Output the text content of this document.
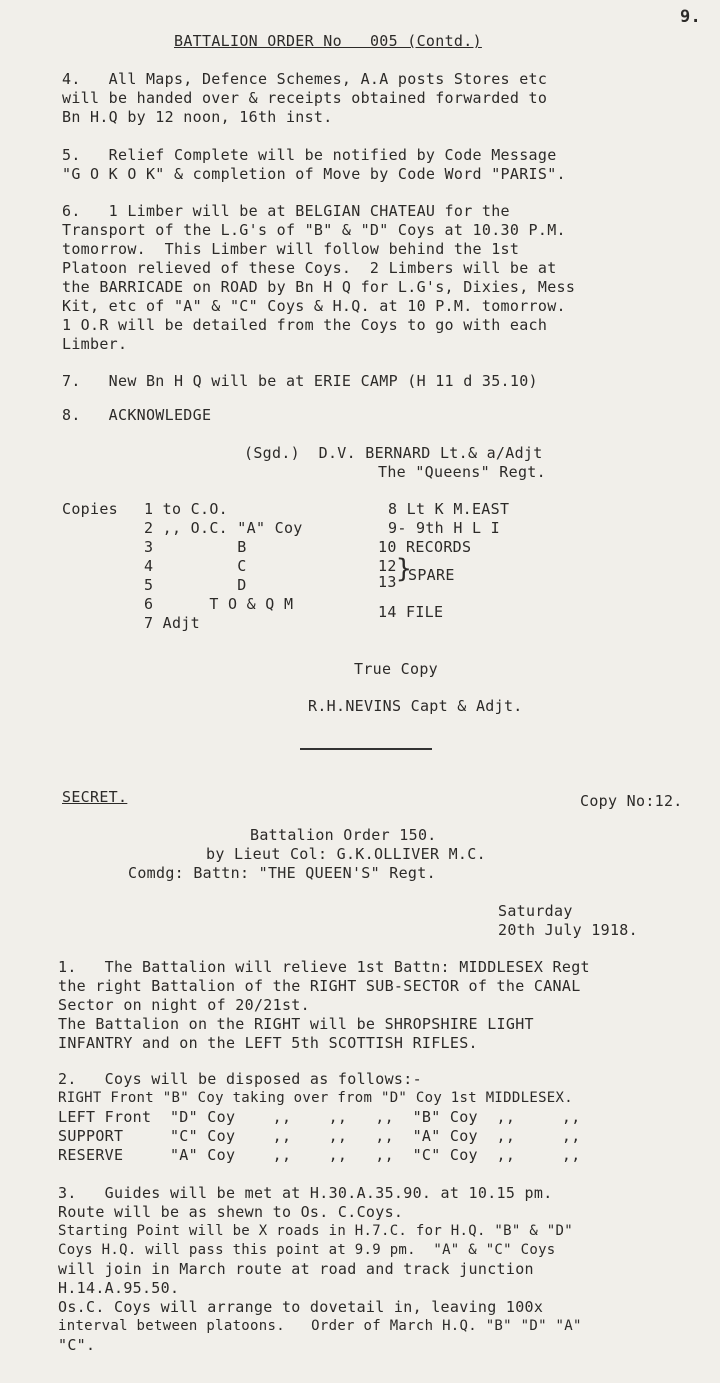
9.
BATTALION ORDER No   005 (Contd.)
4.   All Maps, Defence Schemes, A.A posts Stores etc
will be handed over & receipts obtained forwarded to
Bn H.Q by 12 noon, 16th inst.
5.   Relief Complete will be notified by Code Message
"G O K O K" & completion of Move by Code Word "PARIS".
6.   1 Limber will be at BELGIAN CHATEAU for the
Transport of the L.G's of "B" & "D" Coys at 10.30 P.M.
tomorrow.  This Limber will follow behind the 1st
Platoon relieved of these Coys.  2 Limbers will be at
the BARRICADE on ROAD by Bn H Q for L.G's, Dixies, Mess
Kit, etc of "A" & "C" Coys & H.Q. at 10 P.M. tomorrow.
1 O.R will be detailed from the Coys to go with each
Limber.
7.   New Bn H Q will be at ERIE CAMP (H 11 d 35.10)
8.   ACKNOWLEDGE
(Sgd.)  D.V. BERNARD Lt.& a/Adjt
The "Queens" Regt.
Copies 1 to C.O.
2 ,, O.C. "A" Coy
3         B
4         C
5         D
6      T O & Q M
7 Adjt
8 Lt K M.EAST
9- 9th H L I
10 RECORDS
12
13 }
SPARE
14 FILE
True Copy
R.H.NEVINS Capt & Adjt.
SECRET.	Copy No:12.
Battalion Order 150.
by Lieut Col: G.K.OLLIVER M.C.
Comdg: Battn: "THE QUEEN'S" Regt.
Saturday
20th July 1918.
1.   The Battalion will relieve 1st Battn: MIDDLESEX Regt
the right Battalion of the RIGHT SUB-SECTOR of the CANAL
Sector on night of 20/21st.
The Battalion on the RIGHT will be SHROPSHIRE LIGHT
INFANTRY and on the LEFT 5th SCOTTISH RIFLES.
2.   Coys will be disposed as follows:-
RIGHT Front "B" Coy taking over from "D" Coy 1st MIDDLESEX.
LEFT Front  "D" Coy    ,,    ,,   ,,  "B" Coy  ,,     ,,
SUPPORT     "C" Coy    ,,    ,,   ,,  "A" Coy  ,,     ,,
RESERVE     "A" Coy    ,,    ,,   ,,  "C" Coy  ,,     ,,
3.   Guides will be met at H.30.A.35.90. at 10.15 pm.
Route will be as shewn to Os. C.Coys.
Starting Point will be X roads in H.7.C. for H.Q. "B" & "D"
Coys H.Q. will pass this point at 9.9 pm.  "A" & "C" Coys
will join in March route at road and track junction
H.14.A.95.50.
Os.C. Coys will arrange to dovetail in, leaving 100x
interval between platoons.   Order of March H.Q. "B" "D" "A"
"C".
